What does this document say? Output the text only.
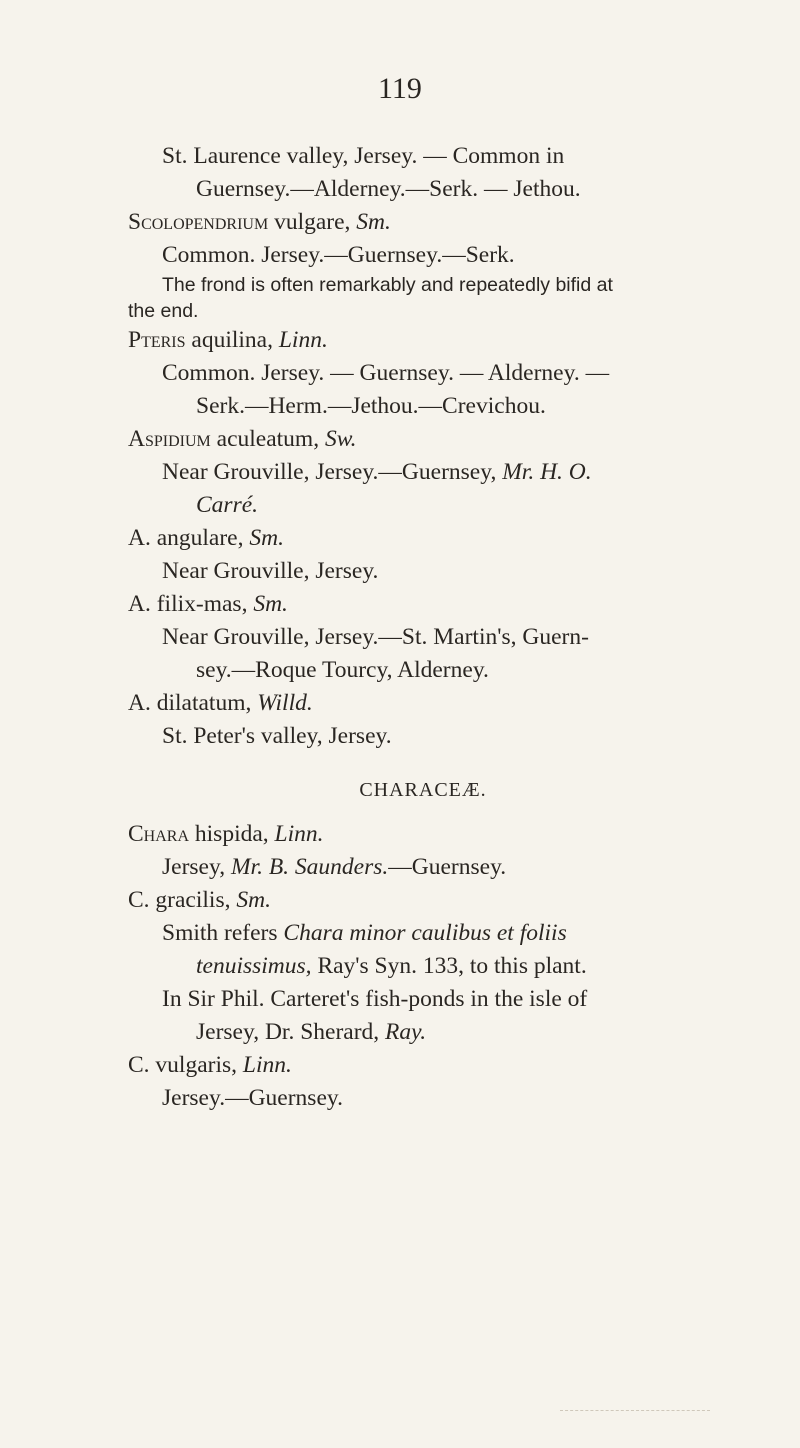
119
St. Laurence valley, Jersey. — Common in
Guernsey.—Alderney.—Serk. — Jethou.
Scolopendrium vulgare, Sm.
Common. Jersey.—Guernsey.—Serk.
The frond is often remarkably and repeatedly bifid at
the end.
Pteris aquilina, Linn.
Common. Jersey. — Guernsey. — Alderney. —
Serk.—Herm.—Jethou.—Crevichou.
Aspidium aculeatum, Sw.
Near Grouville, Jersey.—Guernsey, Mr. H. O.
Carré.
A. angulare, Sm.
Near Grouville, Jersey.
A. filix-mas, Sm.
Near Grouville, Jersey.—St. Martin's, Guern-
sey.—Roque Tourcy, Alderney.
A. dilatatum, Willd.
St. Peter's valley, Jersey.
CHARACEÆ.
Chara hispida, Linn.
Jersey, Mr. B. Saunders.—Guernsey.
C. gracilis, Sm.
Smith refers Chara minor caulibus et foliis
tenuissimus, Ray's Syn. 133, to this plant.
In Sir Phil. Carteret's fish-ponds in the isle of
Jersey, Dr. Sherard, Ray.
C. vulgaris, Linn.
Jersey.—Guernsey.
